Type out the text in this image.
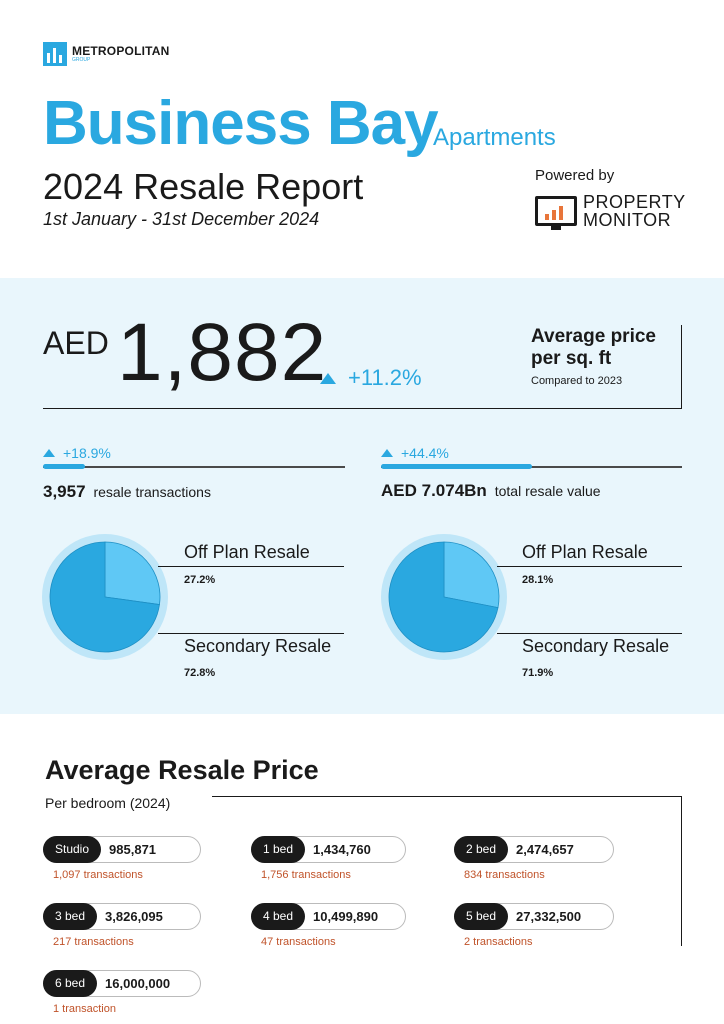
METROPOLITAN
GROUP
Business Bay
Apartments
2024 Resale Report
1st January - 31st December 2024
Powered by
PROPERTY
MONITOR
AED 1,882 +11.2%
Average price per sq. ft
Compared to 2023
+18.9%
3,957 resale transactions
+44.4%
AED 7.074Bn total resale value
Off Plan Resale
27.2%
Secondary Resale
72.8%
Off Plan Resale
28.1%
Secondary Resale
71.9%
Average Resale Price
Per bedroom (2024)
Studio	985,871
1,097 transactions
1 bed	1,434,760
1,756 transactions
2 bed	2,474,657
834 transactions
3 bed	3,826,095
217 transactions
4 bed	10,499,890
47 transactions
5 bed	27,332,500
2 transactions
6 bed	16,000,000
1 transaction
